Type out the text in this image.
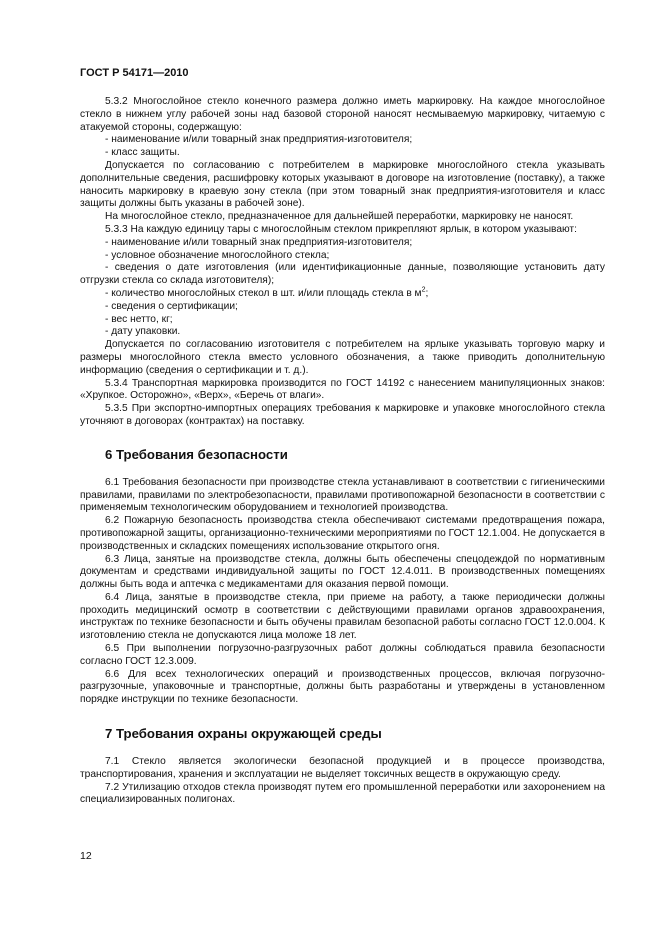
ГОСТ Р 54171—2010

5.3.2 Многослойное стекло конечного размера должно иметь маркировку. На каждое многослойное стекло в нижнем углу рабочей зоны над базовой стороной наносят несмываемую маркировку, читаемую с атакуемой стороны, содержащую:

- наименование и/или товарный знак предприятия-изготовителя;

- класс защиты.

Допускается по согласованию с потребителем в маркировке многослойного стекла указывать дополнительные сведения, расшифровку которых указывают в договоре на изготовление (поставку), а также наносить маркировку в краевую зону стекла (при этом товарный знак предприятия-изготовителя и класс защиты должны быть указаны в рабочей зоне).

На многослойное стекло, предназначенное для дальнейшей переработки, маркировку не наносят.

5.3.3 На каждую единицу тары с многослойным стеклом прикрепляют ярлык, в котором указывают:

- наименование и/или товарный знак предприятия-изготовителя;

- условное обозначение многослойного стекла;

- сведения о дате изготовления (или идентификационные данные, позволяющие установить дату отгрузки стекла со склада изготовителя);

- количество многослойных стекол в шт. и/или площадь стекла в $м^2$;

- сведения о сертификации;

- вес нетто, кг;

- дату упаковки.

Допускается по согласованию изготовителя с потребителем на ярлыке указывать торговую марку и размеры многослойного стекла вместо условного обозначения, а также приводить дополнительную информацию (сведения о сертификации и т. д.).

5.3.4 Транспортная маркировка производится по ГОСТ 14192 с нанесением манипуляционных знаков: «Хрупкое. Осторожно», «Верх», «Беречь от влаги».

5.3.5 При экспортно-импортных операциях требования к маркировке и упаковке многослойного стекла уточняют в договорах (контрактах) на поставку.

6 Требования безопасности

6.1 Требования безопасности при производстве стекла устанавливают в соответствии с гигиеническими правилами, правилами по электробезопасности, правилами противопожарной безопасности в соответствии с применяемым технологическим оборудованием и технологией производства.

6.2 Пожарную безопасность производства стекла обеспечивают системами предотвращения пожара, противопожарной защиты, организационно-техническими мероприятиями по ГОСТ 12.1.004. Не допускается в производственных и складских помещениях использование открытого огня.

6.3 Лица, занятые на производстве стекла, должны быть обеспечены спецодеждой по нормативным документам и средствами индивидуальной защиты по ГОСТ 12.4.011. В производственных помещениях должны быть вода и аптечка с медикаментами для оказания первой помощи.

6.4 Лица, занятые в производстве стекла, при приеме на работу, а также периодически должны проходить медицинский осмотр в соответствии с действующими правилами органов здравоохранения, инструктаж по технике безопасности и быть обучены правилам безопасной работы согласно ГОСТ 12.0.004. К изготовлению стекла не допускаются лица моложе 18 лет.

6.5 При выполнении погрузочно-разгрузочных работ должны соблюдаться правила безопасности согласно ГОСТ 12.3.009.

6.6 Для всех технологических операций и производственных процессов, включая погрузочно-разгрузочные, упаковочные и транспортные, должны быть разработаны и утверждены в установленном порядке инструкции по технике безопасности.

7 Требования охраны окружающей среды

7.1 Стекло является экологически безопасной продукцией и в процессе производства, транспортирования, хранения и эксплуатации не выделяет токсичных веществ в окружающую среду.

7.2 Утилизацию отходов стекла производят путем его промышленной переработки или захоронением на специализированных полигонах.

12
